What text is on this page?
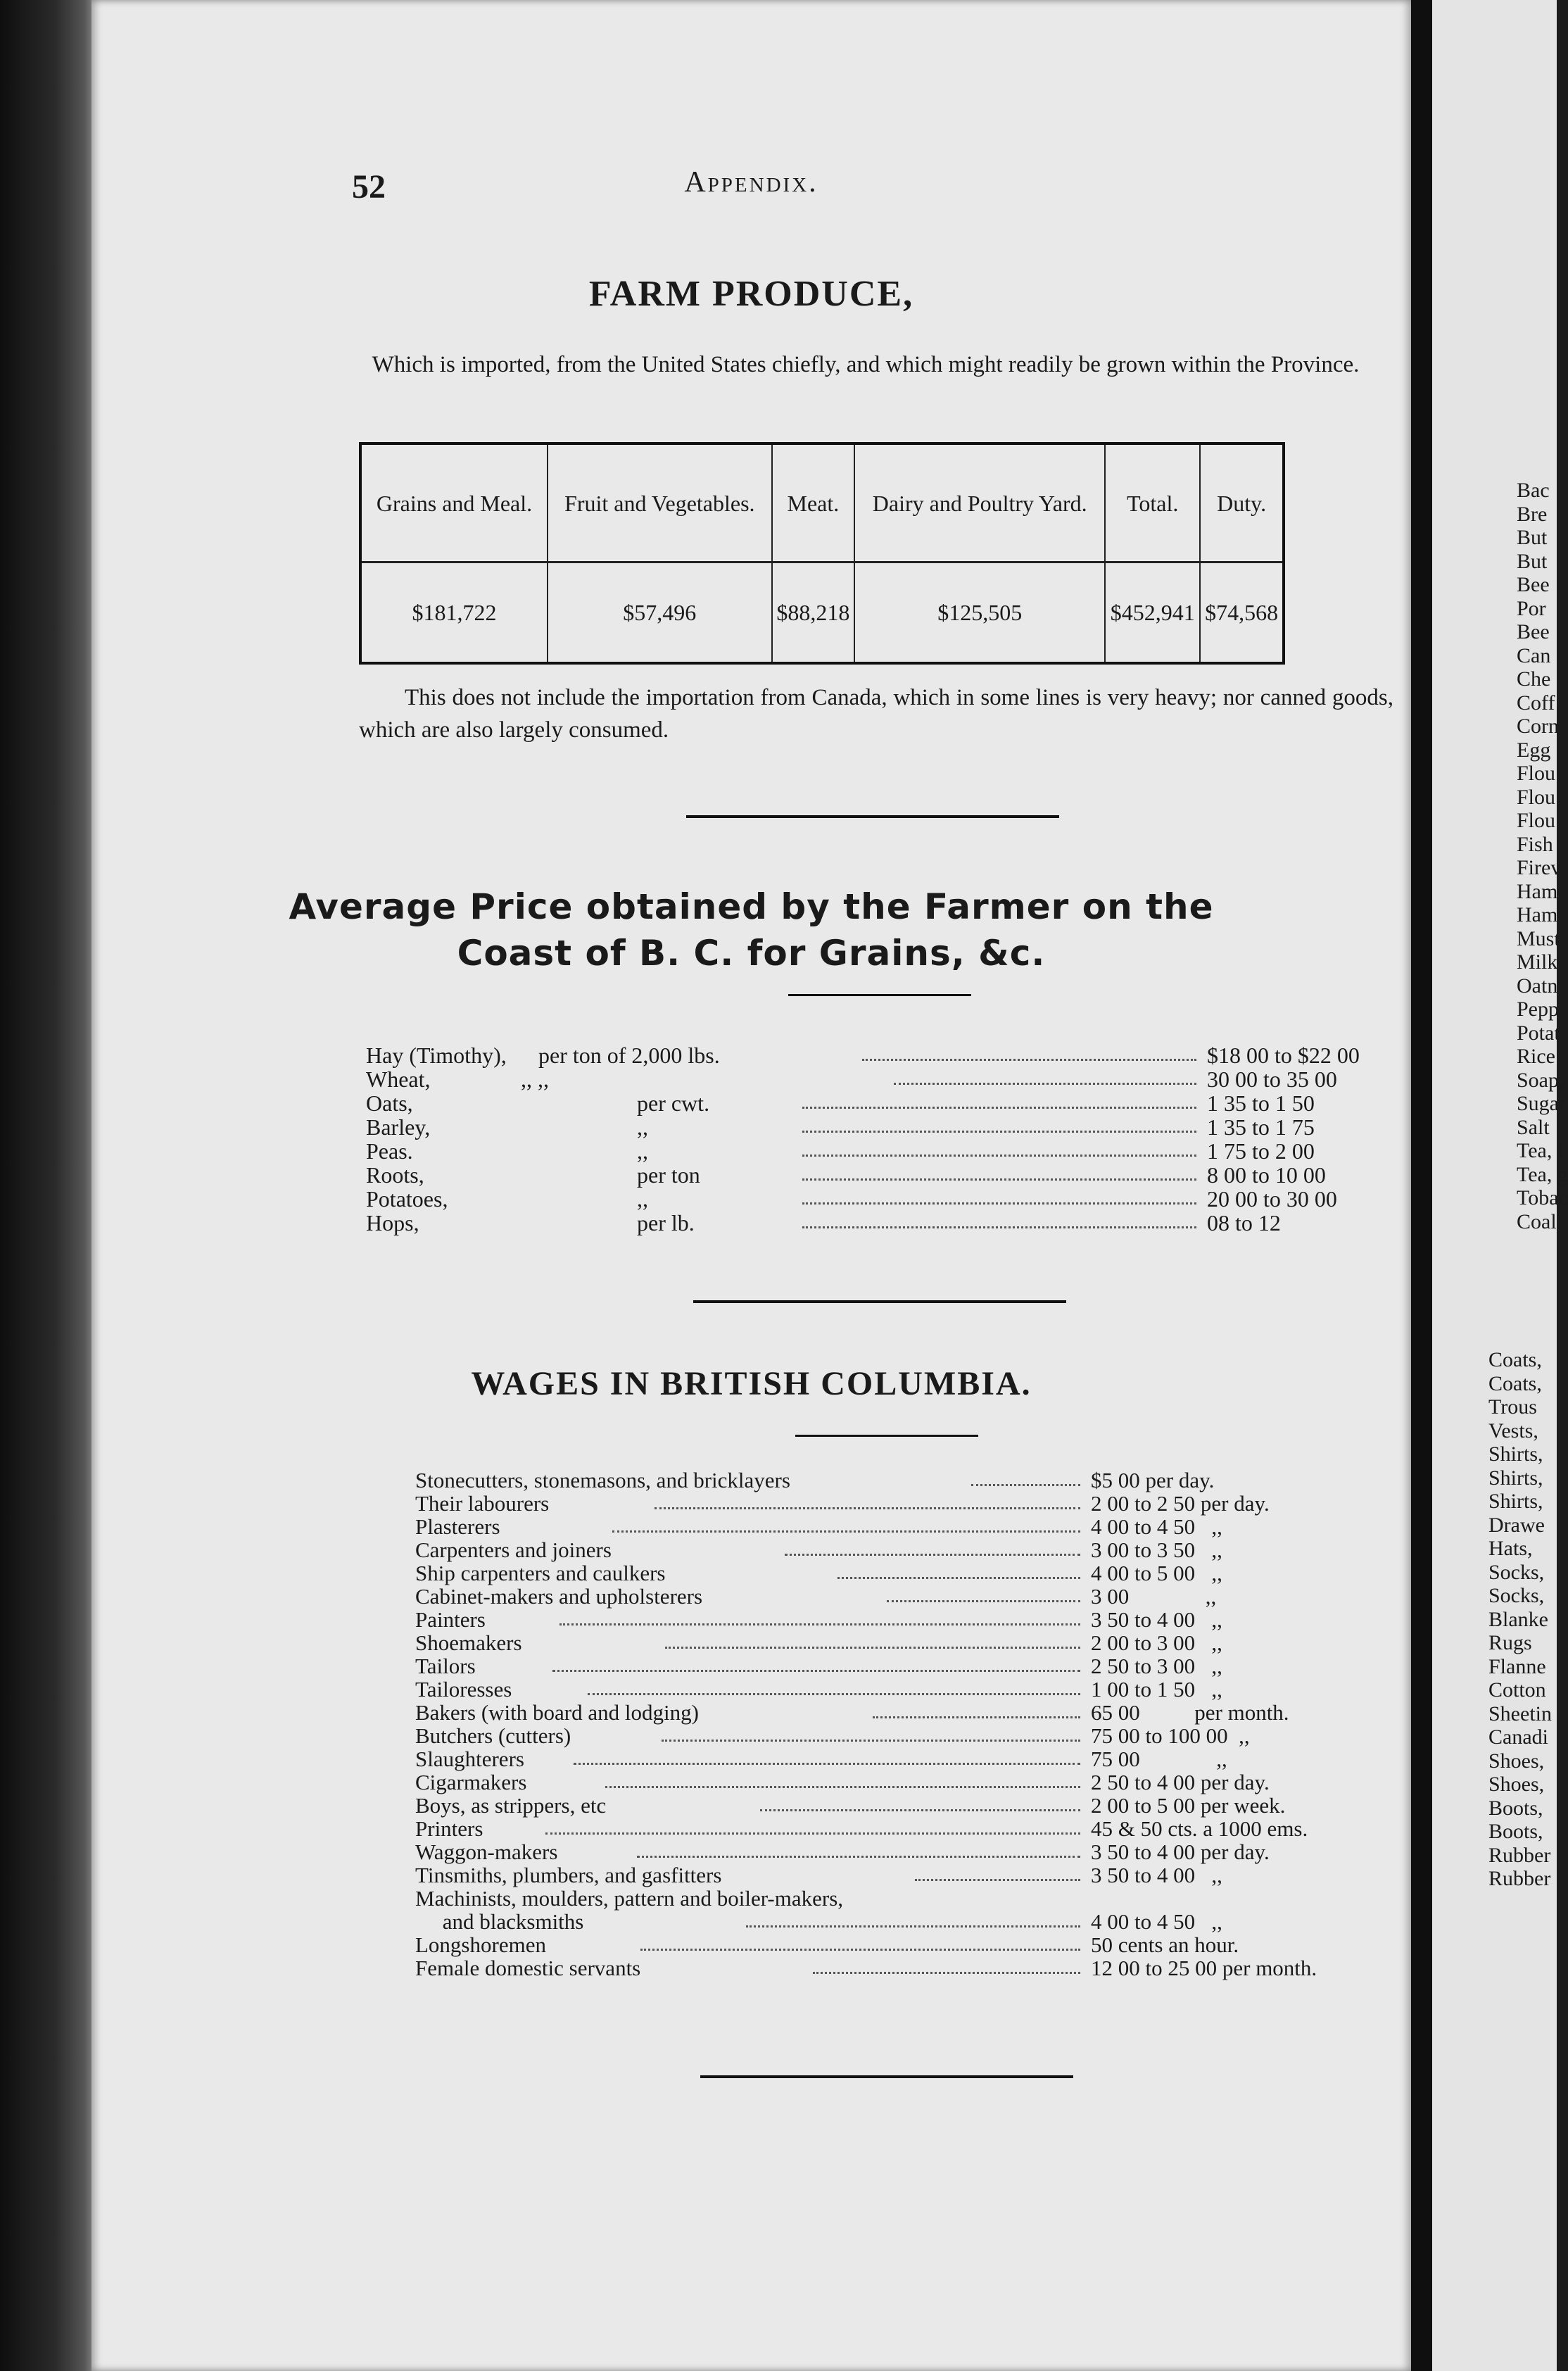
52	Appendix.
FARM PRODUCE,
Which is imported, from the United States chiefly, and which might readily be grown within the Province.
Grains and Meal.	Fruit and Vegetables.	Meat.	Dairy and Poultry Yard.	Total.	Duty.
$181,722	$57,496	$88,218	$125,505	$452,941	$74,568
This does not include the importation from Canada, which in some lines is very heavy; nor canned goods, which are also largely consumed.
Average Price obtained by the Farmer on the
Coast of B. C. for Grains, &c.
Hay (Timothy), per ton of 2,000 lbs.	$18 00 to $22 00
Wheat,	,, ,,	30 00 to 35 00
Oats,	per cwt.	1 35 to 1 50
Barley,	,,	1 35 to 1 75
Peas.	,,	1 75 to 2 00
Roots,	per ton	8 00 to 10 00
Potatoes,	,,	20 00 to 30 00
Hops,	per lb.	08 to 12
WAGES IN BRITISH COLUMBIA.
Stonecutters, stonemasons, and bricklayers	$5 00 per day.
Their labourers	2 00 to 2 50 per day.
Plasterers	4 00 to 4 50   ,,
Carpenters and joiners	3 00 to 3 50   ,,
Ship carpenters and caulkers	4 00 to 5 00   ,,
Cabinet-makers and upholsterers	3 00              ,,
Painters	3 50 to 4 00   ,,
Shoemakers	2 00 to 3 00   ,,
Tailors	2 50 to 3 00   ,,
Tailoresses	1 00 to 1 50   ,,
Bakers (with board and lodging)	65 00          per month.
Butchers (cutters)	75 00 to 100 00  ,,
Slaughterers	75 00              ,,
Cigarmakers	2 50 to 4 00 per day.
Boys, as strippers, etc	2 00 to 5 00 per week.
Printers	45 & 50 cts. a 1000 ems.
Waggon-makers	3 50 to 4 00 per day.
Tinsmiths, plumbers, and gasfitters	3 50 to 4 00   ,,
Machinists, moulders, pattern and boiler-makers,
and blacksmiths	4 00 to 4 50   ,,
Longshoremen	50 cents an hour.
Female domestic servants	12 00 to 25 00 per month.
Bac
Bre
But
But
Bee
Por
Bee
Can
Che
Coff
Corn
Egg
Flou
Flou
Flou
Fish
Firev
Ham
Ham
Must
Milk
Oatn
Pepp
Potat
Rice
Soap,
Sugar
Salt
Tea, l
Tea, g
Tobac
Coal.
Coats,
Coats,
Trous
Vests,
Shirts,
Shirts,
Shirts,
Drawe
Hats,
Socks,
Socks,
Blanke
Rugs
Flanne
Cotton
Sheetin
Canadi
Shoes,
Shoes,
Boots,
Boots,
Rubber
Rubber
